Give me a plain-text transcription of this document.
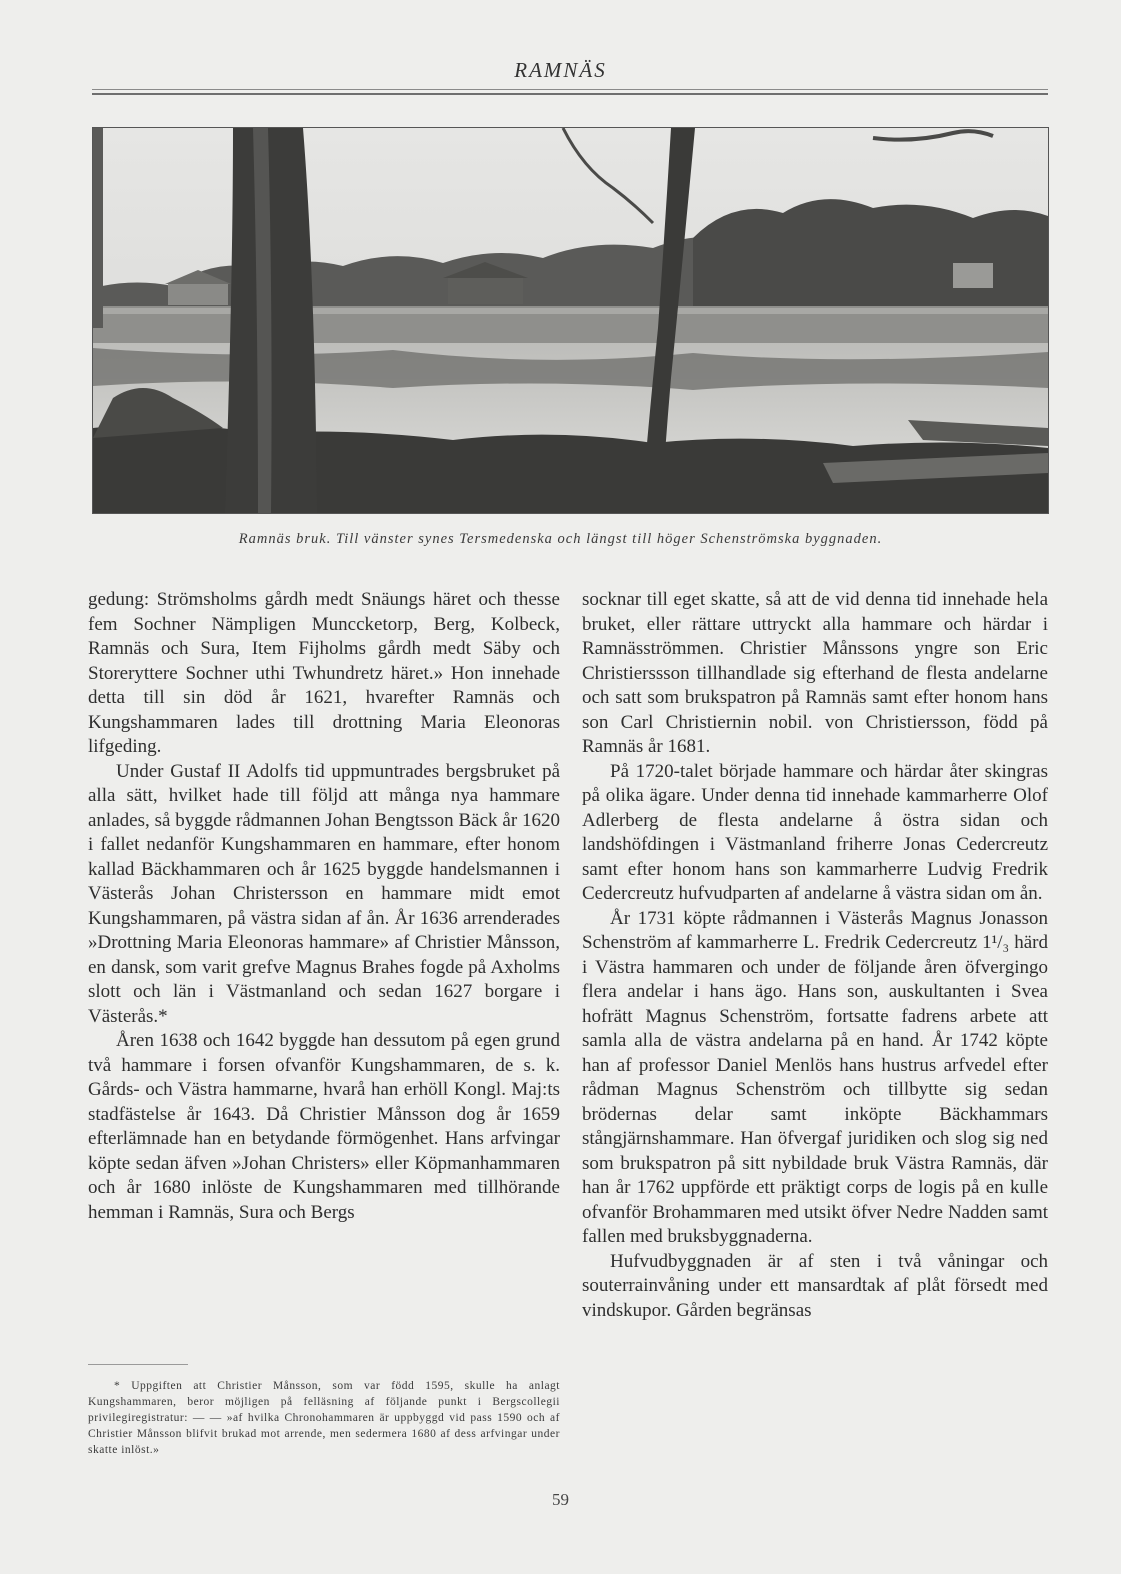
RAMNÄS
Ramnäs bruk. Till vänster synes Tersmedenska och längst till höger Schenströmska byggnaden.

gedung: Strömsholms gårdh medt Snäungs häret och thesse fem Sochner Nämpligen Munccketorp, Berg, Kolbeck, Ramnäs och Sura, Item Fijholms gårdh medt Säby och Storeryttere Sochner uthi Twhundretz häret.» Hon innehade detta till sin död år 1621, hvarefter Ramnäs och Kungshammaren lades till drottning Maria Eleonoras lifgeding.

Under Gustaf II Adolfs tid uppmuntrades bergsbruket på alla sätt, hvilket hade till följd att många nya hammare anlades, så byggde rådmannen Johan Bengtsson Bäck år 1620 i fallet nedanför Kungshammaren en hammare, efter honom kallad Bäckhammaren och år 1625 byggde handelsmannen i Västerås Johan Christersson en hammare midt emot Kungshammaren, på västra sidan af ån. År 1636 arrenderades »Drottning Maria Eleonoras hammare» af Christier Månsson, en dansk, som varit grefve Magnus Brahes fogde på Axholms slott och län i Västmanland och sedan 1627 borgare i Västerås.*

Åren 1638 och 1642 byggde han dessutom på egen grund två hammare i forsen ofvanför Kungshammaren, de s. k. Gårds- och Västra hammarne, hvarå han erhöll Kongl. Maj:ts stadfästelse år 1643. Då Christier Månsson dog år 1659 efterlämnade han en betydande förmögenhet. Hans arfvingar köpte sedan äfven »Johan Christers» eller Köpmanhammaren och år 1680 inlöste de Kungshammaren med tillhörande hemman i Ramnäs, Sura och Bergs

* Uppgiften att Christier Månsson, som var född 1595, skulle ha anlagt Kungshammaren, beror möjligen på felläsning af följande punkt i Bergscollegii privilegiregistratur: — — »af hvilka Chronohammaren är uppbyggd vid pass 1590 och af Christier Månsson blifvit brukad mot arrende, men sedermera 1680 af dess arfvingar under skatte inlöst.»

socknar till eget skatte, så att de vid denna tid innehade hela bruket, eller rättare uttryckt alla hammare och härdar i Ramnäsströmmen. Christier Månssons yngre son Eric Christierssson tillhandlade sig efterhand de flesta andelarne och satt som brukspatron på Ramnäs samt efter honom hans son Carl Christiernin nobil. von Christiersson, född på Ramnäs år 1681.

På 1720-talet började hammare och härdar åter skingras på olika ägare. Under denna tid innehade kammarherre Olof Adlerberg de flesta andelarne å östra sidan och landshöfdingen i Västmanland friherre Jonas Cedercreutz samt efter honom hans son kammarherre Ludvig Fredrik Cedercreutz hufvudparten af andelarne å västra sidan om ån.

År 1731 köpte rådmannen i Västerås Magnus Jonasson Schenström af kammarherre L. Fredrik Cedercreutz 1¹/₃ härd i Västra hammaren och under de följande åren öfvergingo flera andelar i hans ägo. Hans son, auskultanten i Svea hofrätt Magnus Schenström, fortsatte fadrens arbete att samla alla de västra andelarna på en hand. År 1742 köpte han af professor Daniel Menlös hans hustrus arfvedel efter rådman Magnus Schenström och tillbytte sig sedan brödernas delar samt inköpte Bäckhammars stångjärnshammare. Han öfvergaf juridiken och slog sig ned som brukspatron på sitt nybildade bruk Västra Ramnäs, där han år 1762 uppförde ett präktigt corps de logis på en kulle ofvanför Brohammaren med utsikt öfver Nedre Nadden samt fallen med bruksbyggnaderna.

Hufvudbyggnaden är af sten i två våningar och souterrainvåning under ett mansardtak af plåt försedt med vindskupor. Gården begränsas

59
